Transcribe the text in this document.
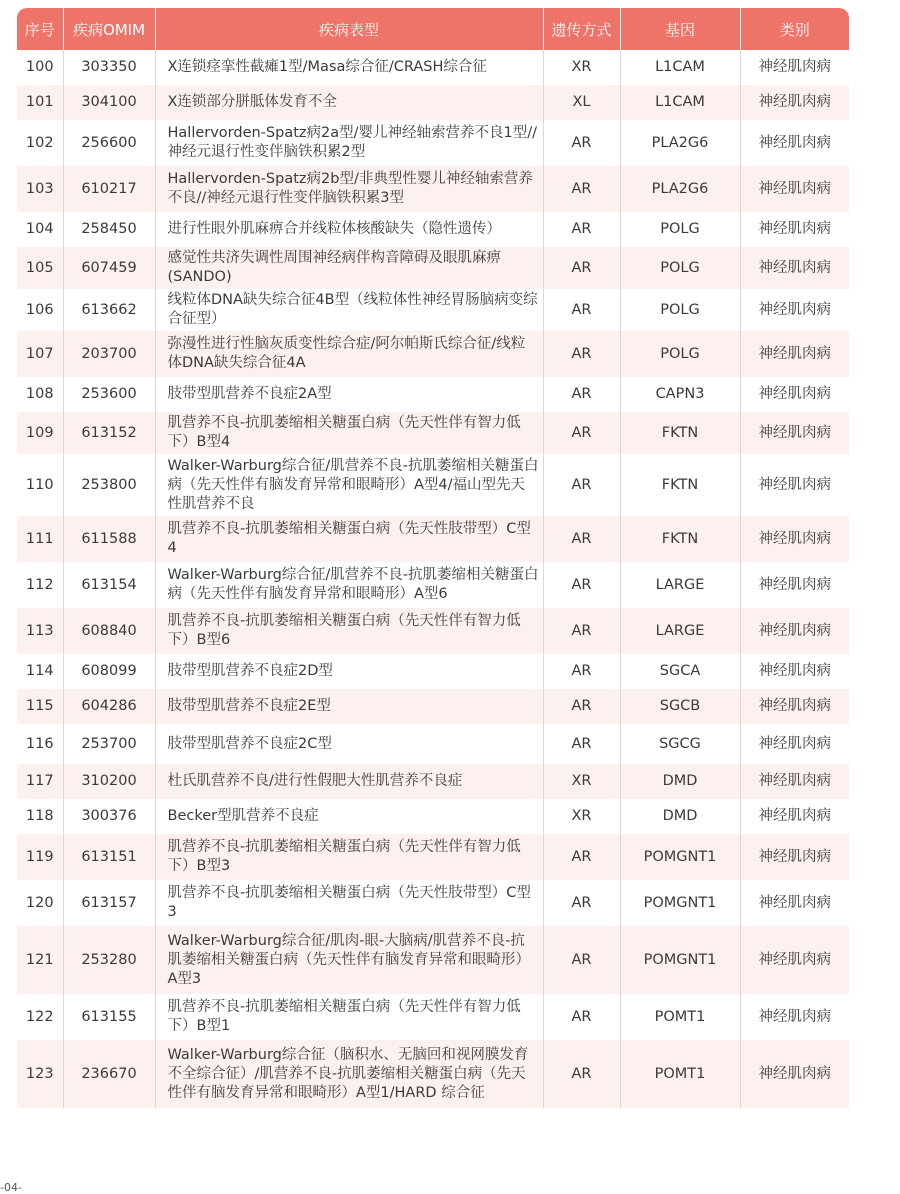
序号	疾病OMIM	疾病表型	遗传方式	基因	类别
100	303350	X连锁痉挛性截瘫1型/Masa综合征/CRASH综合征	XR	L1CAM	神经肌肉病
101	304100	X连锁部分胼胝体发育不全	XL	L1CAM	神经肌肉病
102	256600	Hallervorden-Spatz病2a型/婴儿神经轴索营养不良1型//神经元退行性变伴脑铁积累2型	AR	PLA2G6	神经肌肉病
103	610217	Hallervorden-Spatz病2b型/非典型性婴儿神经轴索营养不良//神经元退行性变伴脑铁积累3型	AR	PLA2G6	神经肌肉病
104	258450	进行性眼外肌麻痹合并线粒体核酸缺失（隐性遗传）	AR	POLG	神经肌肉病
105	607459	感觉性共济失调性周围神经病伴构音障碍及眼肌麻痹(SANDO)	AR	POLG	神经肌肉病
106	613662	线粒体DNA缺失综合征4B型（线粒体性神经胃肠脑病变综合征型）	AR	POLG	神经肌肉病
107	203700	弥漫性进行性脑灰质变性综合症/阿尔帕斯氏综合征/线粒体DNA缺失综合征4A	AR	POLG	神经肌肉病
108	253600	肢带型肌营养不良症2A型	AR	CAPN3	神经肌肉病
109	613152	肌营养不良-抗肌萎缩相关糖蛋白病（先天性伴有智力低下）B型4	AR	FKTN	神经肌肉病
110	253800	Walker-Warburg综合征/肌营养不良-抗肌萎缩相关糖蛋白病（先天性伴有脑发育异常和眼畸形）A型4/福山型先天性肌营养不良	AR	FKTN	神经肌肉病
111	611588	肌营养不良-抗肌萎缩相关糖蛋白病（先天性肢带型）C型4	AR	FKTN	神经肌肉病
112	613154	Walker-Warburg综合征/肌营养不良-抗肌萎缩相关糖蛋白病（先天性伴有脑发育异常和眼畸形）A型6	AR	LARGE	神经肌肉病
113	608840	肌营养不良-抗肌萎缩相关糖蛋白病（先天性伴有智力低下）B型6	AR	LARGE	神经肌肉病
114	608099	肢带型肌营养不良症2D型	AR	SGCA	神经肌肉病
115	604286	肢带型肌营养不良症2E型	AR	SGCB	神经肌肉病
116	253700	肢带型肌营养不良症2C型	AR	SGCG	神经肌肉病
117	310200	杜氏肌营养不良/进行性假肥大性肌营养不良症	XR	DMD	神经肌肉病
118	300376	Becker型肌营养不良症	XR	DMD	神经肌肉病
119	613151	肌营养不良-抗肌萎缩相关糖蛋白病（先天性伴有智力低下）B型3	AR	POMGNT1	神经肌肉病
120	613157	肌营养不良-抗肌萎缩相关糖蛋白病（先天性肢带型）C型3	AR	POMGNT1	神经肌肉病
121	253280	Walker-Warburg综合征/肌肉-眼-大脑病/肌营养不良-抗肌萎缩相关糖蛋白病（先天性伴有脑发育异常和眼畸形）A型3	AR	POMGNT1	神经肌肉病
122	613155	肌营养不良-抗肌萎缩相关糖蛋白病（先天性伴有智力低下）B型1	AR	POMT1	神经肌肉病
123	236670	Walker-Warburg综合征（脑积水、无脑回和视网膜发育不全综合征）/肌营养不良-抗肌萎缩相关糖蛋白病（先天性伴有脑发育异常和眼畸形）A型1/HARD 综合征	AR	POMT1	神经肌肉病
-04-
